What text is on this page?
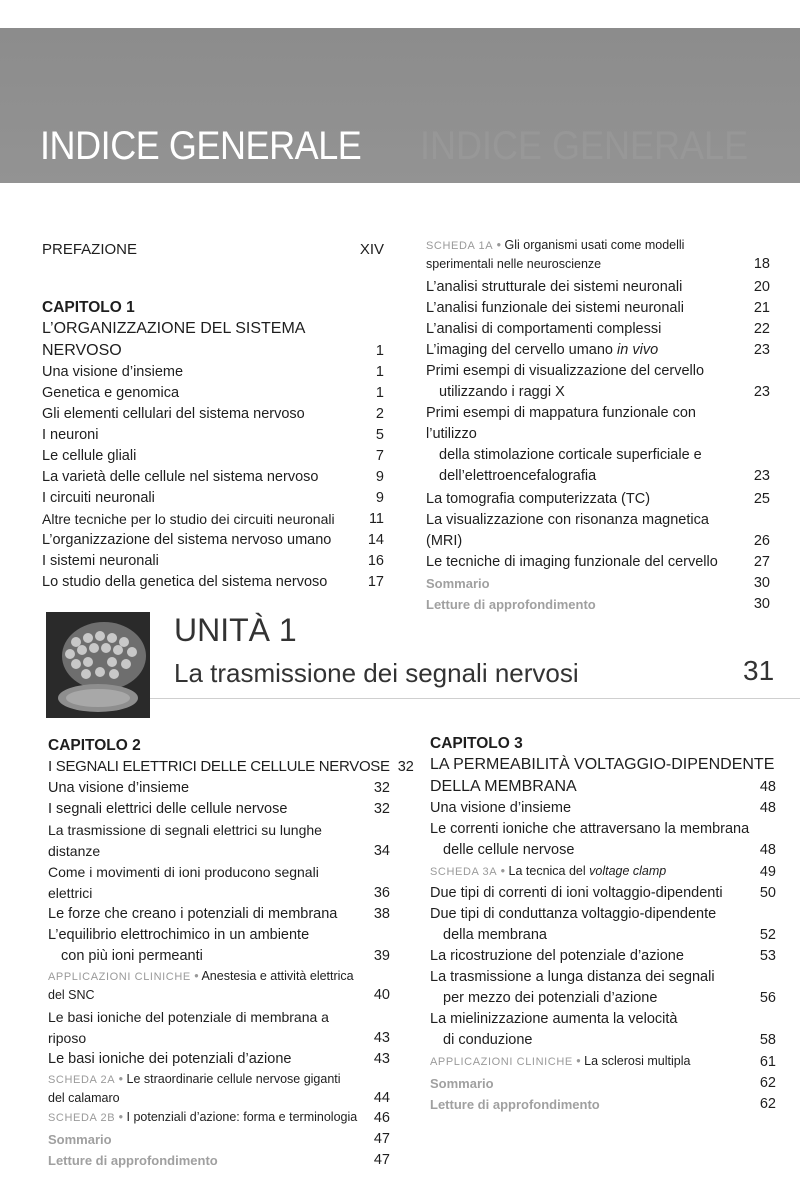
INDICE GENERALE
INDICE GENERALE
PREFAZIONE	XIV
CAPITOLO 1
L’ORGANIZZAZIONE DEL SISTEMA NERVOSO	1
Una visione d’insieme	1
Genetica e genomica	1
Gli elementi cellulari del sistema nervoso	2
I neuroni	5
Le cellule gliali	7
La varietà delle cellule nel sistema nervoso	9
I circuiti neuronali	9
Altre tecniche per lo studio dei circuiti neuronali	11
L’organizzazione del sistema nervoso umano	14
I sistemi neuronali	16
Lo studio della genetica del sistema nervoso	17
SCHEDA 1A • Gli organismi usati come modelli
sperimentali nelle neuroscienze	18
L’analisi strutturale dei sistemi neuronali	20
L’analisi funzionale dei sistemi neuronali	21
L’analisi di comportamenti complessi	22
L’imaging del cervello umano in vivo	23
Primi esempi di visualizzazione del cervello
utilizzando i raggi X	23
Primi esempi di mappatura funzionale con l’utilizzo
della stimolazione corticale superficiale e
dell’elettroencefalografia	23
La tomografia computerizzata (TC)	25
La visualizzazione con risonanza magnetica (MRI)	26
Le tecniche di imaging funzionale del cervello	27
Sommario	30
Letture di approfondimento	30
UNITÀ 1
La trasmissione dei segnali nervosi	31
CAPITOLO 2
I SEGNALI ELETTRICI DELLE CELLULE NERVOSE 32
Una visione d’insieme	32
I segnali elettrici delle cellule nervose	32
La trasmissione di segnali elettrici su lunghe distanze	34
Come i movimenti di ioni producono segnali elettrici	36
Le forze che creano i potenziali di membrana	38
L’equilibrio elettrochimico in un ambiente
con più ioni permeanti	39
APPLICAZIONI CLINICHE • Anestesia e attività elettrica
del SNC	40
Le basi ioniche del potenziale di membrana a riposo	43
Le basi ioniche dei potenziali d’azione	43
SCHEDA 2A • Le straordinarie cellule nervose giganti
del calamaro	44
SCHEDA 2B • I potenziali d’azione: forma e terminologia	46
Sommario	47
Letture di approfondimento	47
CAPITOLO 3
LA PERMEABILITÀ VOLTAGGIO-DIPENDENTE
DELLA MEMBRANA	48
Una visione d’insieme	48
Le correnti ioniche che attraversano la membrana
delle cellule nervose	48
SCHEDA 3A • La tecnica del voltage clamp	49
Due tipi di correnti di ioni voltaggio-dipendenti	50
Due tipi di conduttanza voltaggio-dipendente
della membrana	52
La ricostruzione del potenziale d’azione	53
La trasmissione a lunga distanza dei segnali
per mezzo dei potenziali d’azione	56
La mielinizzazione aumenta la velocità
di conduzione	58
APPLICAZIONI CLINICHE • La sclerosi multipla	61
Sommario	62
Letture di approfondimento	62
